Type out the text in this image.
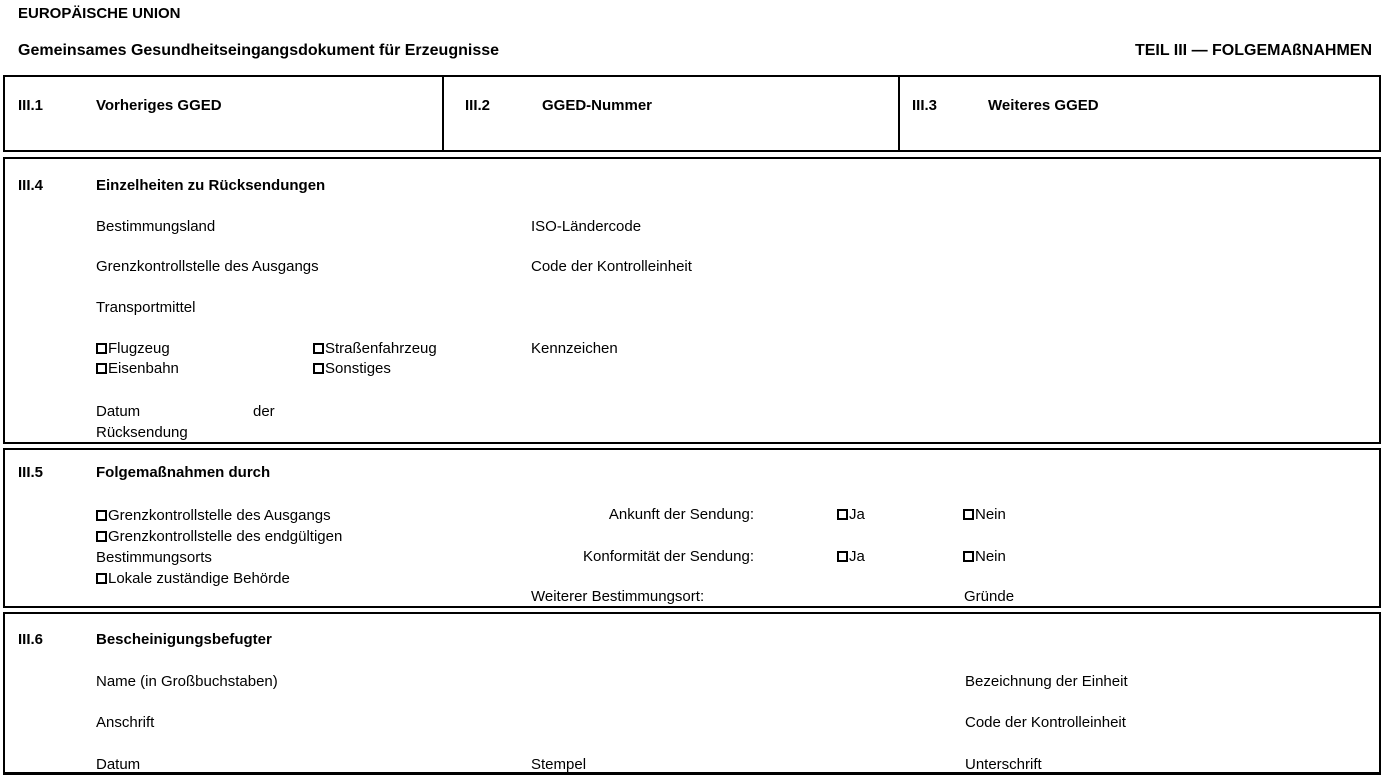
EUROPÄISCHE UNION
Gemeinsames Gesundheitseingangsdokument für Erzeugnisse	TEIL III — FOLGEMAßNAHMEN
III.1	Vorheriges GGED	III.2	GGED-Nummer	III.3	Weiteres GGED
III.4	Einzelheiten zu Rücksendungen
Bestimmungsland	ISO-Ländercode
Grenzkontrollstelle des Ausgangs	Code der Kontrolleinheit
Transportmittel
Flugzeug	Straßenfahrzeug	Kennzeichen
Eisenbahn	Sonstiges
Datum	der
Rücksendung
III.5	Folgemaßnahmen durch
Grenzkontrollstelle des Ausgangs
Grenzkontrollstelle des endgültigen
Bestimmungsorts
Lokale zuständige Behörde
Ankunft der Sendung:	Ja	Nein
Konformität der Sendung:	Ja	Nein
Weiterer Bestimmungsort:	Gründe
III.6	Bescheinigungsbefugter
Name (in Großbuchstaben)	Bezeichnung der Einheit
Anschrift	Code der Kontrolleinheit
Datum	Stempel	Unterschrift
